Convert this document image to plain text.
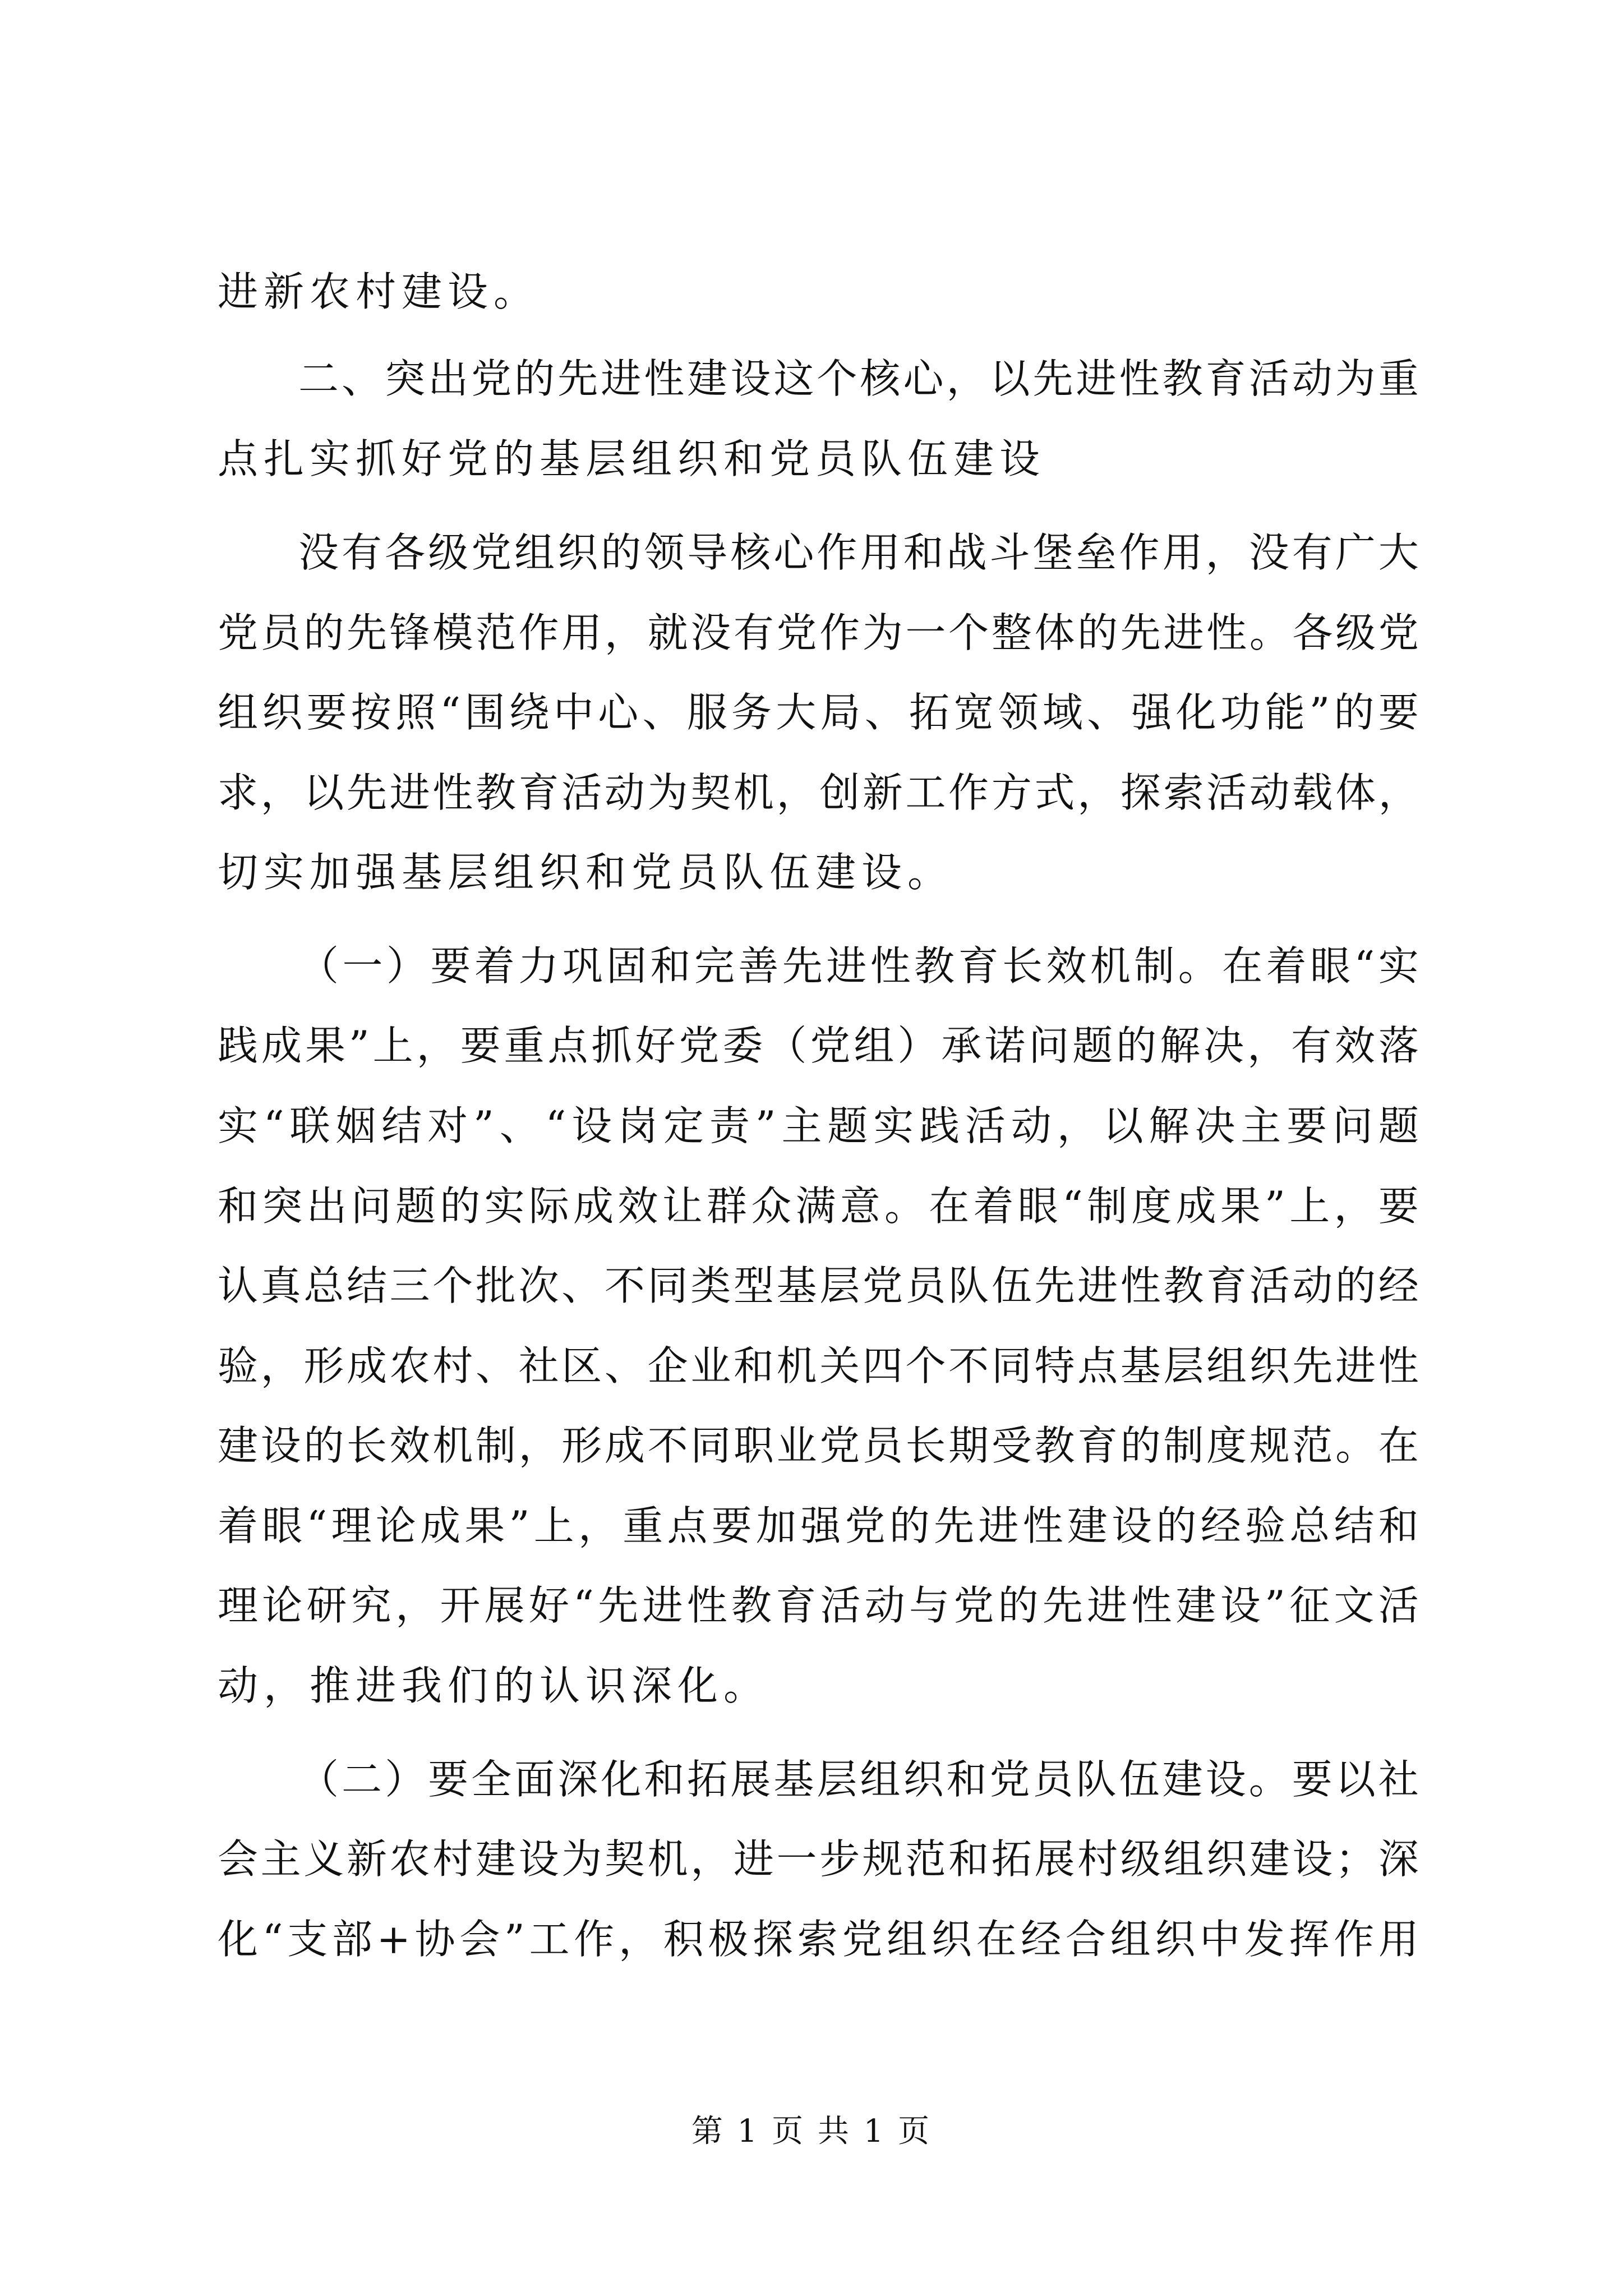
进新农村建设。
二 、 突 出 党 的 先 进 性 建 设 这 个 核 心 ， 以 先 进 性 教 育 活 动 为 重
点扎实抓好党的基层组织和党员队伍建设
没 有 各 级 党 组 织 的 领 导 核 心 作 用 和 战 斗 堡 垒 作 用 ， 没 有 广 大
党 员 的 先 锋 模 范 作 用 ， 就 没 有 党 作 为 一 个 整 体 的 先 进 性 。 各 级 党
组 织 要 按 照 “ 围 绕 中 心 、 服 务 大 局 、 拓 宽 领 域 、 强 化 功 能 ” 的 要
求 ， 以 先 进 性 教 育 活 动 为 契 机 ， 创 新 工 作 方 式 ， 探 索 活 动 载 体 ，
切实加强基层组织和党员队伍建设。
（ 一 ） 要 着 力 巩 固 和 完 善 先 进 性 教 育 长 效 机 制 。 在 着 眼 “ 实
践 成 果 ” 上 ， 要 重 点 抓 好 党 委 （ 党 组 ） 承 诺 问 题 的 解 决 ， 有 效 落
实 “ 联 姻 结 对 ” 、 “ 设 岗 定 责 ” 主 题 实 践 活 动 ， 以 解 决 主 要 问 题
和 突 出 问 题 的 实 际 成 效 让 群 众 满 意 。 在 着 眼 “ 制 度 成 果 ” 上 ， 要
认 真 总 结 三 个 批 次 、 不 同 类 型 基 层 党 员 队 伍 先 进 性 教 育 活 动 的 经
验 ， 形 成 农 村 、 社 区 、 企 业 和 机 关 四 个 不 同 特 点 基 层 组 织 先 进 性
建 设 的 长 效 机 制 ， 形 成 不 同 职 业 党 员 长 期 受 教 育 的 制 度 规 范 。 在
着 眼 “ 理 论 成 果 ” 上 ， 重 点 要 加 强 党 的 先 进 性 建 设 的 经 验 总 结 和
理 论 研 究 ， 开 展 好 “ 先 进 性 教 育 活 动 与 党 的 先 进 性 建 设 ” 征 文 活
动，推进我们的认识深化。
（ 二 ） 要 全 面 深 化 和 拓 展 基 层 组 织 和 党 员 队 伍 建 设 。 要 以 社
会 主 义 新 农 村 建 设 为 契 机 ， 进 一 步 规 范 和 拓 展 村 级 组 织 建 设 ； 深
化 “ 支 部 + 协 会 ” 工 作 ， 积 极 探 索 党 组 织 在 经 合 组 织 中 发 挥 作 用
第 1 页 共 1 页
